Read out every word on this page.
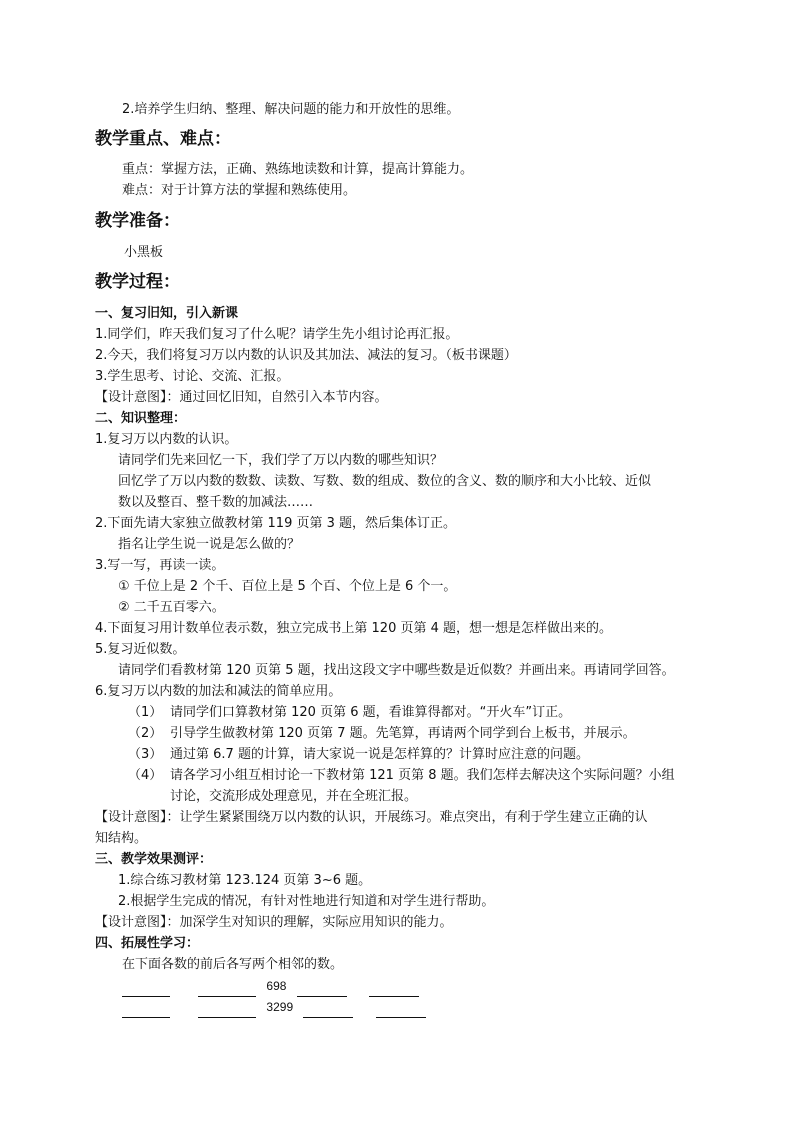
2.培养学生归纳、整理、解决问题的能力和开放性的思维。
教学重点、难点：
重点：掌握方法，正确、熟练地读数和计算，提高计算能力。
难点：对于计算方法的掌握和熟练使用。
教学准备：
小黑板
教学过程：
一、复习旧知，引入新课
1.同学们，昨天我们复习了什么呢？请学生先小组讨论再汇报。
2.今天，我们将复习万以内数的认识及其加法、减法的复习。（板书课题）
3.学生思考、讨论、交流、汇报。
【设计意图】：通过回忆旧知，自然引入本节内容。
二、知识整理：
1.复习万以内数的认识。
请同学们先来回忆一下，我们学了万以内数的哪些知识？
回忆学了万以内数的数数、读数、写数、数的组成、数位的含义、数的顺序和大小比较、近似
数以及整百、整千数的加减法……
2.下面先请大家独立做教材第 119 页第 3 题，然后集体订正。
指名让学生说一说是怎么做的？
3.写一写，再读一读。
① 千位上是 2 个千、百位上是 5 个百、个位上是 6 个一。
② 二千五百零六。
4.下面复习用计数单位表示数，独立完成书上第 120 页第 4 题，想一想是怎样做出来的。
5.复习近似数。
请同学们看教材第 120 页第 5 题，找出这段文字中哪些数是近似数？并画出来。再请同学回答。
6.复习万以内数的加法和减法的简单应用。
（1） 请同学们口算教材第 120 页第 6 题，看谁算得都对。“开火车”订正。
（2） 引导学生做教材第 120 页第 7 题。先笔算，再请两个同学到台上板书，并展示。
（3） 通过第 6.7 题的计算，请大家说一说是怎样算的？计算时应注意的问题。
（4） 请各学习小组互相讨论一下教材第 121 页第 8 题。我们怎样去解决这个实际问题？小组
讨论，交流形成处理意见，并在全班汇报。
【设计意图】：让学生紧紧围绕万以内数的认识，开展练习。难点突出，有利于学生建立正确的认
知结构。
三、教学效果测评：
1.综合练习教材第 123.124 页第 3~6 题。
2.根据学生完成的情况，有针对性地进行知道和对学生进行帮助。
【设计意图】：加深学生对知识的理解，实际应用知识的能力。
四、拓展性学习：
在下面各数的前后各写两个相邻的数。
698
3299
